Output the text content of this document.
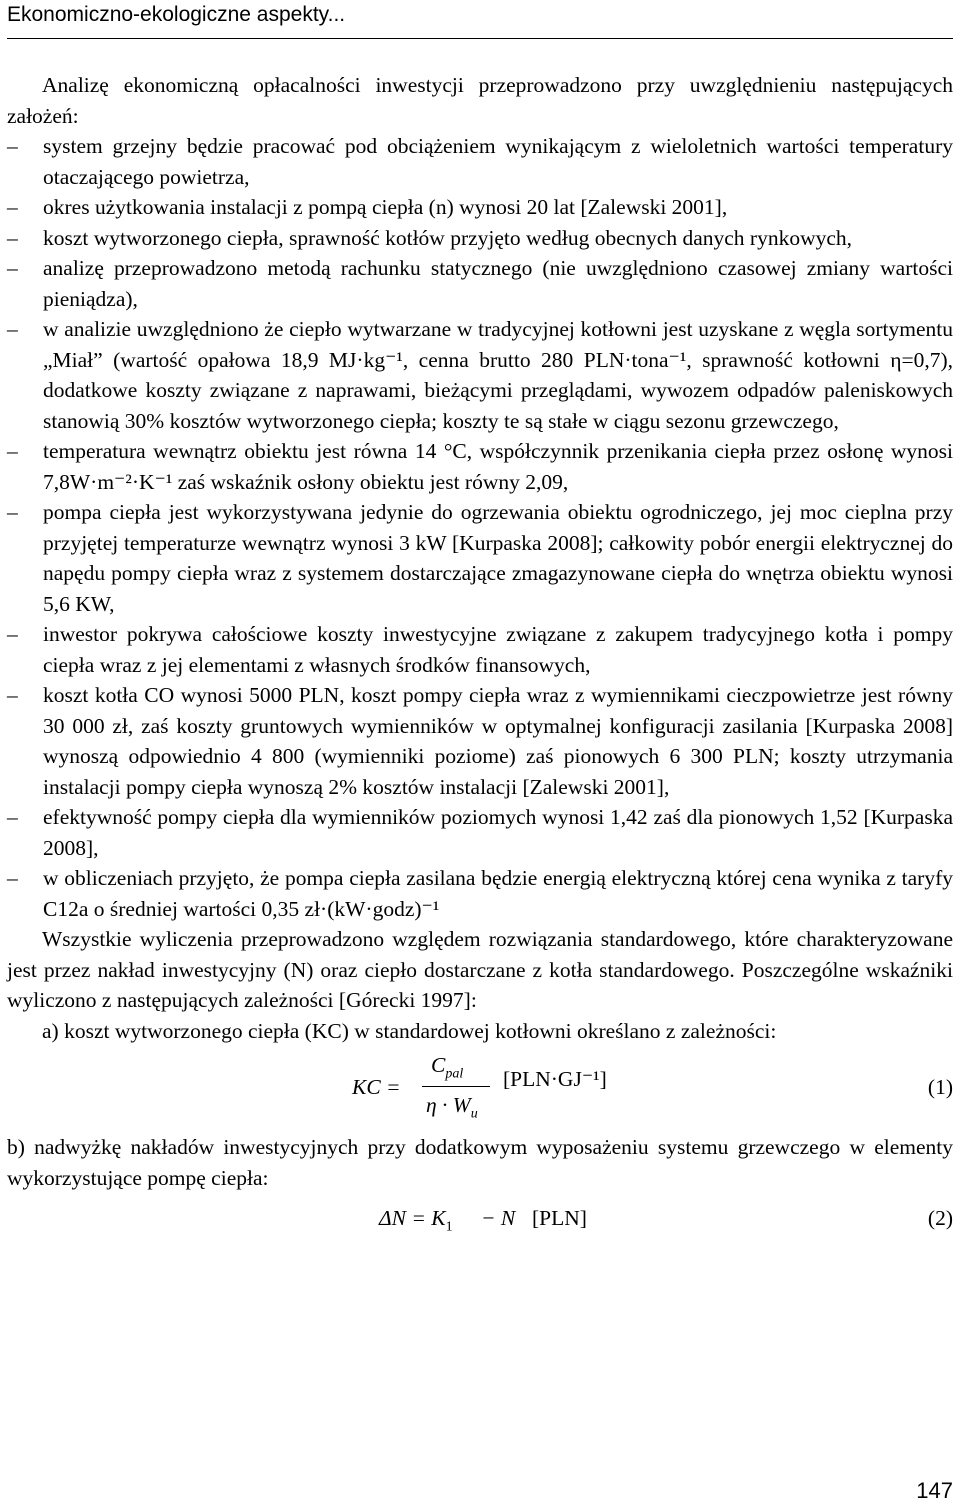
Ekonomiczno-ekologiczne aspekty...

Analizę ekonomiczną opłacalności inwestycji przeprowadzono przy uwzględnieniu następujących założeń:

– system grzejny będzie pracować pod obciążeniem wynikającym z wieloletnich wartości temperatury otaczającego powietrza,
– okres użytkowania instalacji z pompą ciepła (n) wynosi 20 lat [Zalewski 2001],
– koszt wytworzonego ciepła, sprawność kotłów przyjęto według obecnych danych rynkowych,
– analizę przeprowadzono metodą rachunku statycznego (nie uwzględniono czasowej zmiany wartości pieniądza),
– w analizie uwzględniono że ciepło wytwarzane w tradycyjnej kotłowni jest uzyskane z węgla sortymentu „Miał” (wartość opałowa 18,9 MJ·kg⁻¹, cenna brutto 280 PLN·tona⁻¹, sprawność kotłowni η=0,7), dodatkowe koszty związane z naprawami, bieżącymi przeglądami, wywozem odpadów paleniskowych stanowią 30% kosztów wytworzonego ciepła; koszty te są stałe w ciągu sezonu grzewczego,
– temperatura wewnątrz obiektu jest równa 14 °C, współczynnik przenikania ciepła przez osłonę wynosi 7,8W·m⁻²·K⁻¹ zaś wskaźnik osłony obiektu jest równy 2,09,
– pompa ciepła jest wykorzystywana jedynie do ogrzewania obiektu ogrodniczego, jej moc cieplna przy przyjętej temperaturze wewnątrz wynosi 3 kW [Kurpaska 2008]; całkowity pobór energii elektrycznej do napędu pompy ciepła wraz z systemem dostarczające zmagazynowane ciepła do wnętrza obiektu wynosi 5,6 KW,
– inwestor pokrywa całościowe koszty inwestycyjne związane z zakupem tradycyjnego kotła i pompy ciepła wraz z jej elementami z własnych środków finansowych,
– koszt kotła CO wynosi 5000 PLN, koszt pompy ciepła wraz z wymiennikami cieczpowietrze jest równy 30 000 zł, zaś koszty gruntowych wymienników w optymalnej konfiguracji zasilania [Kurpaska 2008] wynoszą odpowiednio 4 800 (wymienniki poziome) zaś pionowych 6 300 PLN; koszty utrzymania instalacji pompy ciepła wynoszą 2% kosztów instalacji [Zalewski 2001],
– efektywność pompy ciepła dla wymienników poziomych wynosi 1,42 zaś dla pionowych 1,52 [Kurpaska 2008],
– w obliczeniach przyjęto, że pompa ciepła zasilana będzie energią elektryczną której cena wynika z taryfy C12a o średniej wartości 0,35 zł·(kW·godz)⁻¹

Wszystkie wyliczenia przeprowadzono względem rozwiązania standardowego, które charakteryzowane jest przez nakład inwestycyjny (N) oraz ciepło dostarczane z kotła standardowego. Poszczególne wskaźniki wyliczono z następujących zależności [Górecki 1997]:

a) koszt wytworzonego ciepła (KC) w standardowej kotłowni określano z zależności:

KC =
$C_{pal}$
$\eta \cdot W_u$
[PLN·GJ⁻¹]	(1)

b) nadwyżkę nakładów inwestycyjnych przy dodatkowym wyposażeniu systemu grzewczego w elementy wykorzystujące pompę ciepła:

$\Delta N = K_1 - N$ [PLN]	(2)
147
